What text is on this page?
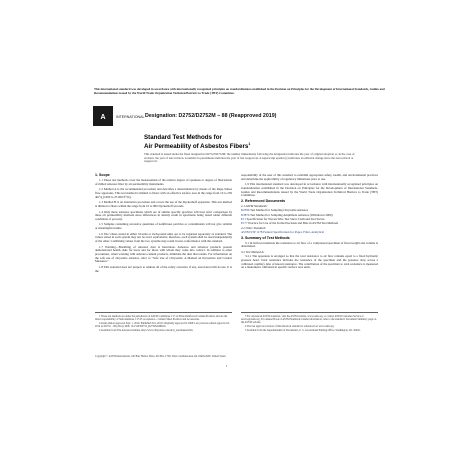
This international standard was developed in accordance with internationally recognized principles on standardization established in the Decision on Principles for the Development of International Standards, Guides and Recommendations issued by the World Trade Organization Technical Barriers to Trade (TBT) Committee.
A	INTERNATIONAL Designation: D2752/D2752M − 88 (Reapproved 2019)
Standard Test Methods for
Air Permeability of Asbestos Fibers$^1$
This standard is issued under the fixed designation D2752/D2752M; the number immediately following the designation indicates the year of original adoption or, in the case of revision, the year of last revision. A number in parentheses indicates the year of last reapproval. A superscript epsilon (ε) indicates an editorial change since the last revision or reapproval.
1. Scope

1.1 These test methods cover the measurement of the relative degree of openness or degree of fiberization of milled asbestos fiber by air permeability instruments.

1.2 Method A is the recommended procedure and describes a determination by means of the Rapp-Suttee flow apparatus. This test method is limited to fibers with an effective surface area in the range from 10 to 250 dm²/g (1000 to 25 000 ft²/lb).

1.3 Method B is an alternative procedure and covers the use of the Dyckerhoff apparatus. This test method is limited to fibers within the range from 10 to 800 Dyckerhoff seconds.

1.4 Only those asbestos specimens which are of similar specific gravities will bear strict comparison by these air permeability methods since differences in density result in specimens being tested under different conditions of porosity.

1.5 Samples containing excessive quantities of nonfibrous particles or contaminants will not give reliable or meaningful results.

1.6 The values stated in either SI units or inch-pound units are to be regarded separately as standard. The values stated in each system may not be exact equivalents; therefore, each system shall be used independently of the other. Combining values from the two systems may result in non-conformance with the standard.

1.7 Warning—Breathing of asbestos dust is hazardous. Asbestos and asbestos products present demonstrated health risks for users and for those with whom they come into contact. In addition to other precautions, when working with asbestos-cement products, minimize the dust that results. For information on the safe use of chrysotile asbestos, refer to "Safe Use of Chrysotile: A Manual on Preventive and Control Measures."

1.8 This standard does not purport to address all of the safety concerns, if any, associated with its use. It is the

responsibility of the user of this standard to establish appropriate safety, health, and environmental practices and determine the applicability of regulatory limitations prior to use.

1.9 This international standard was developed in accordance with internationally recognized principles on standardization established in the Decision on Principles for the Development of International Standards, Guides and Recommendations issued by the World Trade Organization Technical Barriers to Trade (TBT) Committee.

2. Referenced Documents
2.1 ASTM Standards:
D2590 Test Method for Sampling Chrysotile Asbestos
D3879 Test Method for Sampling Amphibole Asbestos (Withdrawn 2000)
E11 Specification for Woven Wire Test Sieve Cloth and Test Sieves
E177 Practice for Use of the Terms Precision and Bias in ASTM Test Methods
2.2 Other Standard:
ASTM STP 1178 Federal Specification for Paper, Filter, Analytical
3. Summary of Test Methods

3.1 In both test methods the resistance to air flow of a compressed specimen of fixed weight and volume is determined.

3.2 Test Method A:

3.2.1 The apparatus is arranged so that the total resistance to air flow remains equal to a fixed hydraulic pressure head. Total resistance includes the resistance of the specimen and the pressure drop across a calibrated capillary tube of known resistance. The contribution of the specimen to total resistance is measured on a manometer calibrated in specific surface area units.

1 These test methods are under the jurisdiction of ASTM Committee C17 on Fiber-Reinforced Cement Products and are the direct responsibility of Subcommittee C17.03 on Asbestos - Cement Sheet Products and Accessories.

Current edition approved Sept. 1, 2019. Published Nov. 2019. Originally approved in 1968. Last previous edition approved in 2014 as D2752 – 88 (2014). DOI: 10.1520/D2752_D2752M-88R19.

2 Available from The Asbestos Institute, http://www.chrysotile.com/en/sr_use/manual.htm.

3 For referenced ASTM standards, visit the ASTM website, www.astm.org, or contact ASTM Customer Service at service@astm.org. For Annual Book of ASTM Standards volume information, refer to the standard's Document Summary page on the ASTM website.

4 The last approved version of this historical standard is referenced on www.astm.org.

5 Available from the Superintendent of Documents, U. S. Government Printing Office, Washington, DC 20402.

Copyright © ASTM International, 100 Barr Harbor Drive, PO Box C700, West Conshohocken, PA 19428-2959. United States
1
